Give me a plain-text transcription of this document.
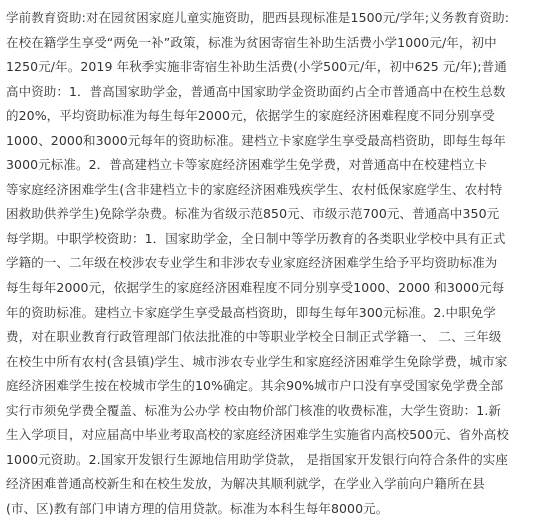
学前教育资助:对在园贫困家庭儿童实施资助，肥西县现标准是1500元/学年;义务教育资助:
在校在籍学生享受“两免一补”政策，标准为贫困寄宿生补助生活费小学1000元/年，初中
1250元/年。2019 年秋季实施非寄宿生补助生活费(小学500元/年，初中625 元/年);普通
高中资助：1．普高国家助学金，普通高中国家助学金资助面约占全市普通高中在校生总数
的20%，平均资助标准为每生每年2000元，依据学生的家庭经济困难程度不同分别享受
1000、2000和3000元每年的资助标准。建档立卡家庭学生享受最高档资助，即每生每年
3000元标准。2．普高建档立卡等家庭经济困难学生免学费，对普通高中在校建档立卡
等家庭经济困难学生(含非建档立卡的家庭经济困难残疾学生、农村低保家庭学生、农村特
困救助供养学生)免除学杂费。标准为省级示范850元、市级示范700元、普通高中350元
每学期。中职学校资助：1．国家助学金，全日制中等学历教育的各类职业学校中具有正式
学籍的一、二年级在校涉农专业学生和非涉农专业家庭经济困难学生给予平均资助标准为
每生每年2000元，依据学生的家庭经济困难程度不同分别享受1000、2000 和3000元每
年的资助标准。建档立卡家庭学生享受最高档资助，即每生每年300元标准。2.中职免学
费，对在职业教育行政管理部门依法批准的中等职业学校全日制正式学籍一、 二、三年级
在校生中所有农村(含县镇)学生、城市涉农专业学生和家庭经济困难学生免除学费，城市家
庭经济困难学生按在校城市学生的10%确定。其余90%城市户口没有享受国家免学费全部
实行市须免学费全覆盖、标准为公办学 校由物价部门核准的收费标准，大学生资助：1.新
生入学项目，对应届高中毕业考取高校的家庭经济困难学生实施省内高校500元、省外高校
1000元资助。2.国家开发银行生源地信用助学贷款， 是指国家开发银行向符合条件的实座
经济困难普通高校新生和在校生发放，为解决其顺利就学，在学业入学前向户籍所在县
(市、区)教有部门申请方理的信用贷款。标准为本科生每年8000元。
